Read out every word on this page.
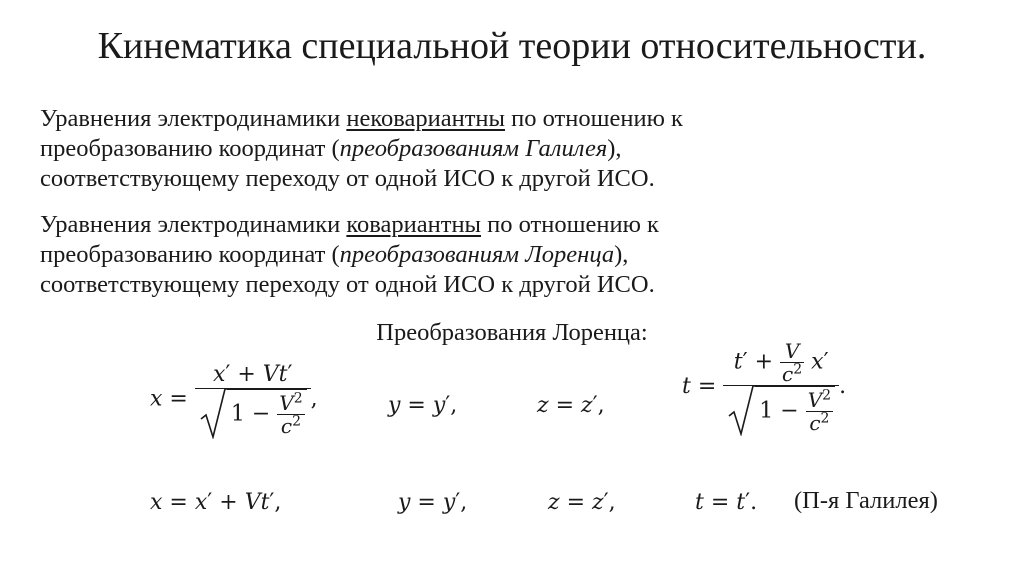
Кинематика специальной теории относительности.

Уравнения электродинамики нековариантны по отношению к

преобразованию координат (преобразованиям Галилея),

соответствующему переходу от одной ИСО к другой ИСО.

Уравнения электродинамики ковариантны по отношению к

преобразованию координат (преобразованиям Лоренца),

соответствующему переходу от одной ИСО к другой ИСО.

Преобразования Лоренца:
$x = \frac{x' + Vt'}{1 - \frac{V^2}{c^2}}$ ,	y = y′,	z = z′,
$t = \frac{t' + \frac{V}{c^2} x'}{1 - \frac{V^2}{c^2}}$ .
x = x′ + Vt′,	y = y′,	z = z′,	t = t′. (П-я Галилея)
